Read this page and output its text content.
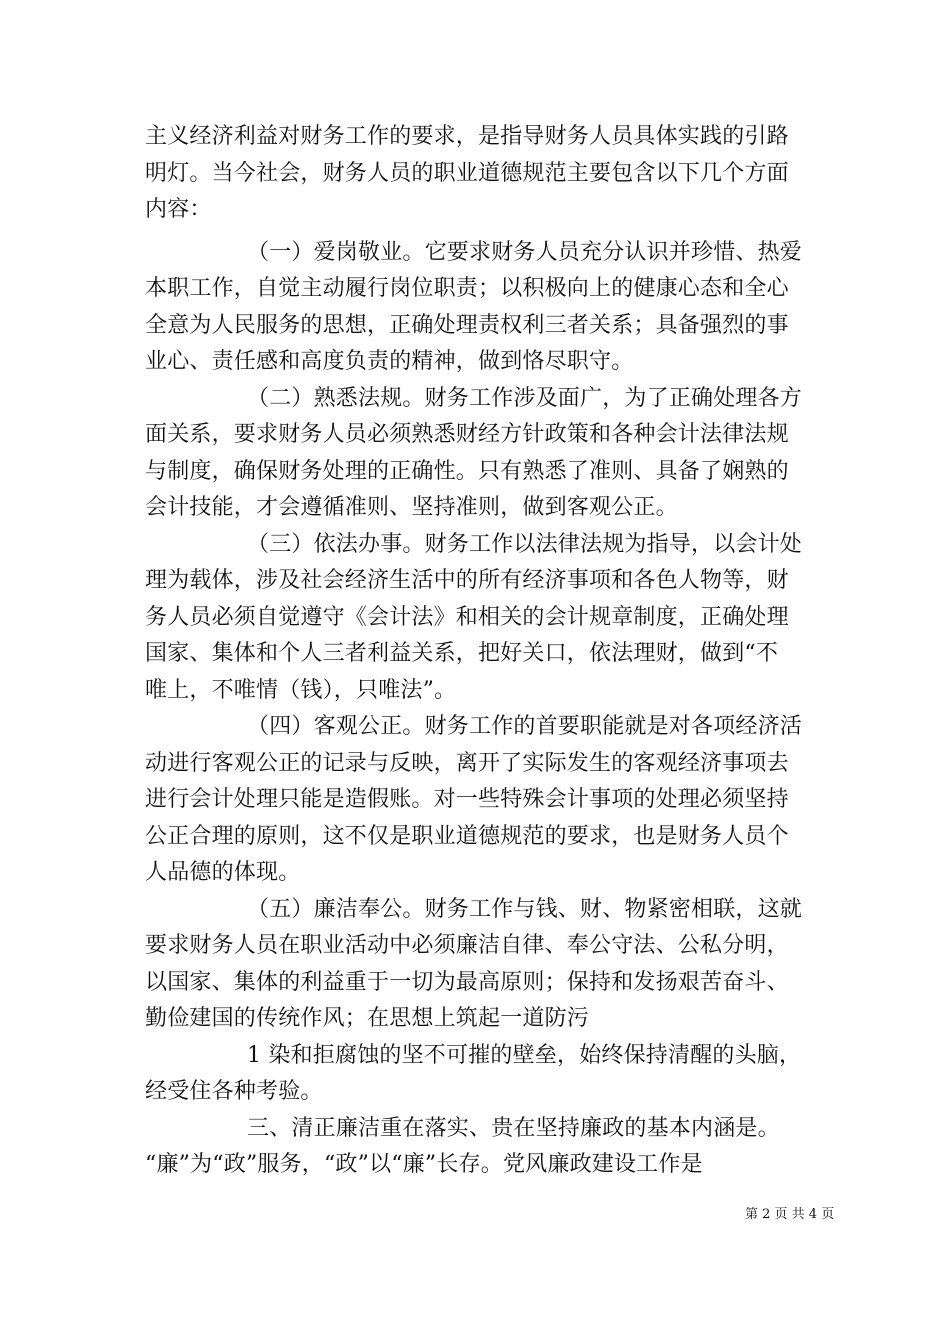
主义经济利益对财务工作的要求，是指导财务人员具体实践的引路
明灯。当今社会，财务人员的职业道德规范主要包含以下几个方面
内容：
（一）爱岗敬业。它要求财务人员充分认识并珍惜、热爱
本职工作，自觉主动履行岗位职责；以积极向上的健康心态和全心
全意为人民服务的思想，正确处理责权利三者关系；具备强烈的事
业心、责任感和高度负责的精神，做到恪尽职守。
（二）熟悉法规。财务工作涉及面广，为了正确处理各方
面关系，要求财务人员必须熟悉财经方针政策和各种会计法律法规
与制度，确保财务处理的正确性。只有熟悉了准则、具备了娴熟的
会计技能，才会遵循准则、坚持准则，做到客观公正。
（三）依法办事。财务工作以法律法规为指导，以会计处
理为载体，涉及社会经济生活中的所有经济事项和各色人物等，财
务人员必须自觉遵守《会计法》和相关的会计规章制度，正确处理
国家、集体和个人三者利益关系，把好关口，依法理财，做到“不
唯上，不唯情（钱），只唯法”。
（四）客观公正。财务工作的首要职能就是对各项经济活
动进行客观公正的记录与反映，离开了实际发生的客观经济事项去
进行会计处理只能是造假账。对一些特殊会计事项的处理必须坚持
公正合理的原则，这不仅是职业道德规范的要求，也是财务人员个
人品德的体现。
（五）廉洁奉公。财务工作与钱、财、物紧密相联，这就
要求财务人员在职业活动中必须廉洁自律、奉公守法、公私分明，
以国家、集体的利益重于一切为最高原则；保持和发扬艰苦奋斗、
勤俭建国的传统作风；在思想上筑起一道防污
1 染和拒腐蚀的坚不可摧的壁垒，始终保持清醒的头脑，
经受住各种考验。
三、清正廉洁重在落实、贵在坚持廉政的基本内涵是。
“廉”为“政”服务，“政”以“廉”长存。党风廉政建设工作是
第 2 页 共 4 页
